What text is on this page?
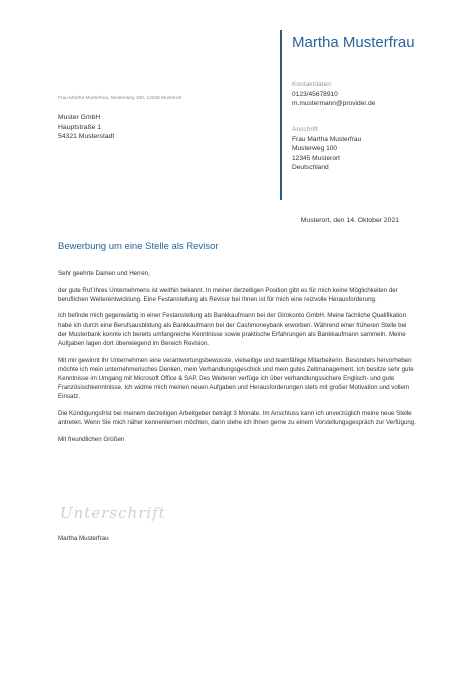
Martha Musterfrau
Kontaktdaten
0123/45678910
m.mustermann@provider.de
Anschrift
Frau Martha Musterfrau
Musterweg 100
12345 Musterort
Deutschland
Frau Martha Musterfrau, Musterweg 100, 12345 Musterort
Muster GmbH
Hauptstraße 1
54321 Musterstadt
Musterort, den 14. Oktober 2021
Bewerbung um eine Stelle als Revisor

Sehr geehrte Damen und Herren,

der gute Ruf Ihres Unternehmens ist weithin bekannt. In meiner derzeitigen Position gibt es für mich keine Möglichkeiten der beruflichen Weiterentwicklung. Eine Festanstellung als Revisor bei Ihnen ist für mich eine reizvolle Herausforderung.

Ich befinde mich gegenwärtig in einer Festanstellung als Bankkaufmann bei der Girokonto GmbH. Meine fachliche Qualifikation habe ich durch eine Berufsausbildung als Bankkaufmann bei der Cashmoneybank erworben. Während einer früheren Stelle bei der Musterbank konnte ich bereits umfangreiche Kenntnisse sowie praktische Erfahrungen als Bankkaufmann sammeln. Meine Aufgaben lagen dort überwiegend im Bereich Revision.

Mit mir gewinnt Ihr Unternehmen eine verantwortungsbewusste, vielseitige und teamfähige Mitarbeiterin. Besonders hervorheben möchte ich mein unternehmerisches Denken, mein Verhandlungsgeschick und mein gutes Zeitmanagement. Ich besitze sehr gute Kenntnisse im Umgang mit Microsoft Office & SAP. Des Weiteren verfüge ich über verhandlungssichere Englisch- und gute Französischkenntnisse. Ich widme mich meinen neuen Aufgaben und Herausforderungen stets mit großer Motivation und vollem Einsatz.

Die Kündigungsfrist bei meinem derzeitigen Arbeitgeber beträgt 3 Monate. Im Anschluss kann ich unverzüglich meine neue Stelle antreten. Wenn Sie mich näher kennenlernen möchten, dann stehe ich Ihnen gerne zu einem Vorstellungsgespräch zur Verfügung.

Mit freundlichen Grüßen

Unterschrift
Martha Musterfrau
